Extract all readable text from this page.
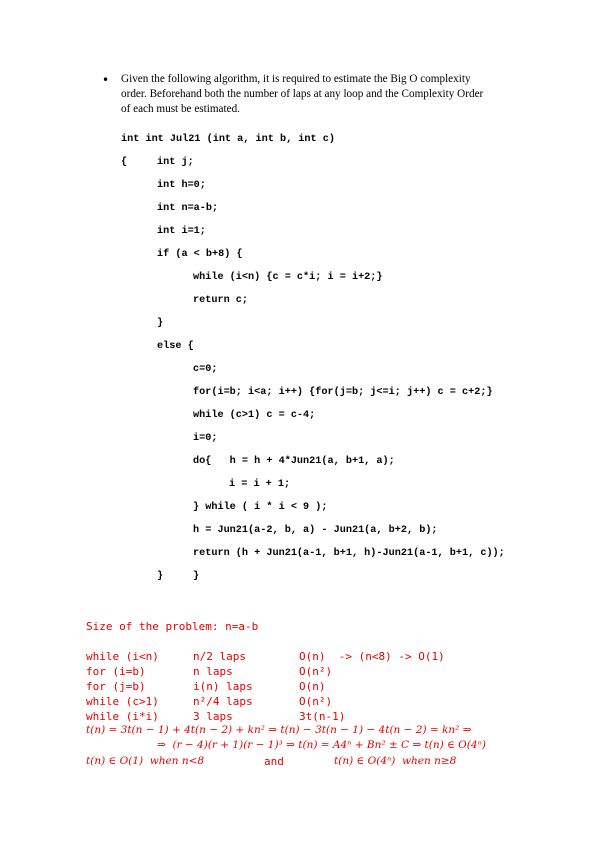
• Given the following algorithm, it is required to estimate the Big O complexity
order. Beforehand both the number of laps at any loop and the Complexity Order
of each must be estimated.
int int Jul21 (int a, int b, int c)
{	int j;
int h=0;
int n=a-b;
int i=1;
if (a < b+8) {
while (i<n) {c = c*i; i = i+2;}
return c;
}
else {
c=0;
for(i=b; i<a; i++) {for(j=b; j<=i; j++) c = c+2;}
while (c>1) c = c-4;
i=0;
do{   h = h + 4*Jun21(a, b+1, a);
i = i + 1;
} while ( i * i < 9 );
h = Jun21(a-2, b, a) - Jun21(a, b+2, b);
return (h + Jun21(a-1, b+1, h)-Jun21(a-1, b+1, c));
}	}
Size of the problem: n=a-b
while (i<n)	n/2 laps	O(n)  -> (n<8) -> O(1)
for (i=b)	n laps	O(n²)
for (j=b)	i(n) laps	O(n)
while (c>1)	n²/4 laps	O(n²)
while (i*i)	3 laps	3t(n-1)
t(n) = 3t(n − 1) + 4t(n − 2) + kn² ⇒ t(n) − 3t(n − 1) − 4t(n − 2) = kn² ⇒
⇒  (r − 4)(r + 1)(r − 1)³ ⇒ t(n) = A4ⁿ + Bn² ± C ⇒ t(n) ∈ O(4ⁿ)
t(n) ∈ O(1)  when n<8	and	t(n) ∈ O(4ⁿ)  when n≥8
